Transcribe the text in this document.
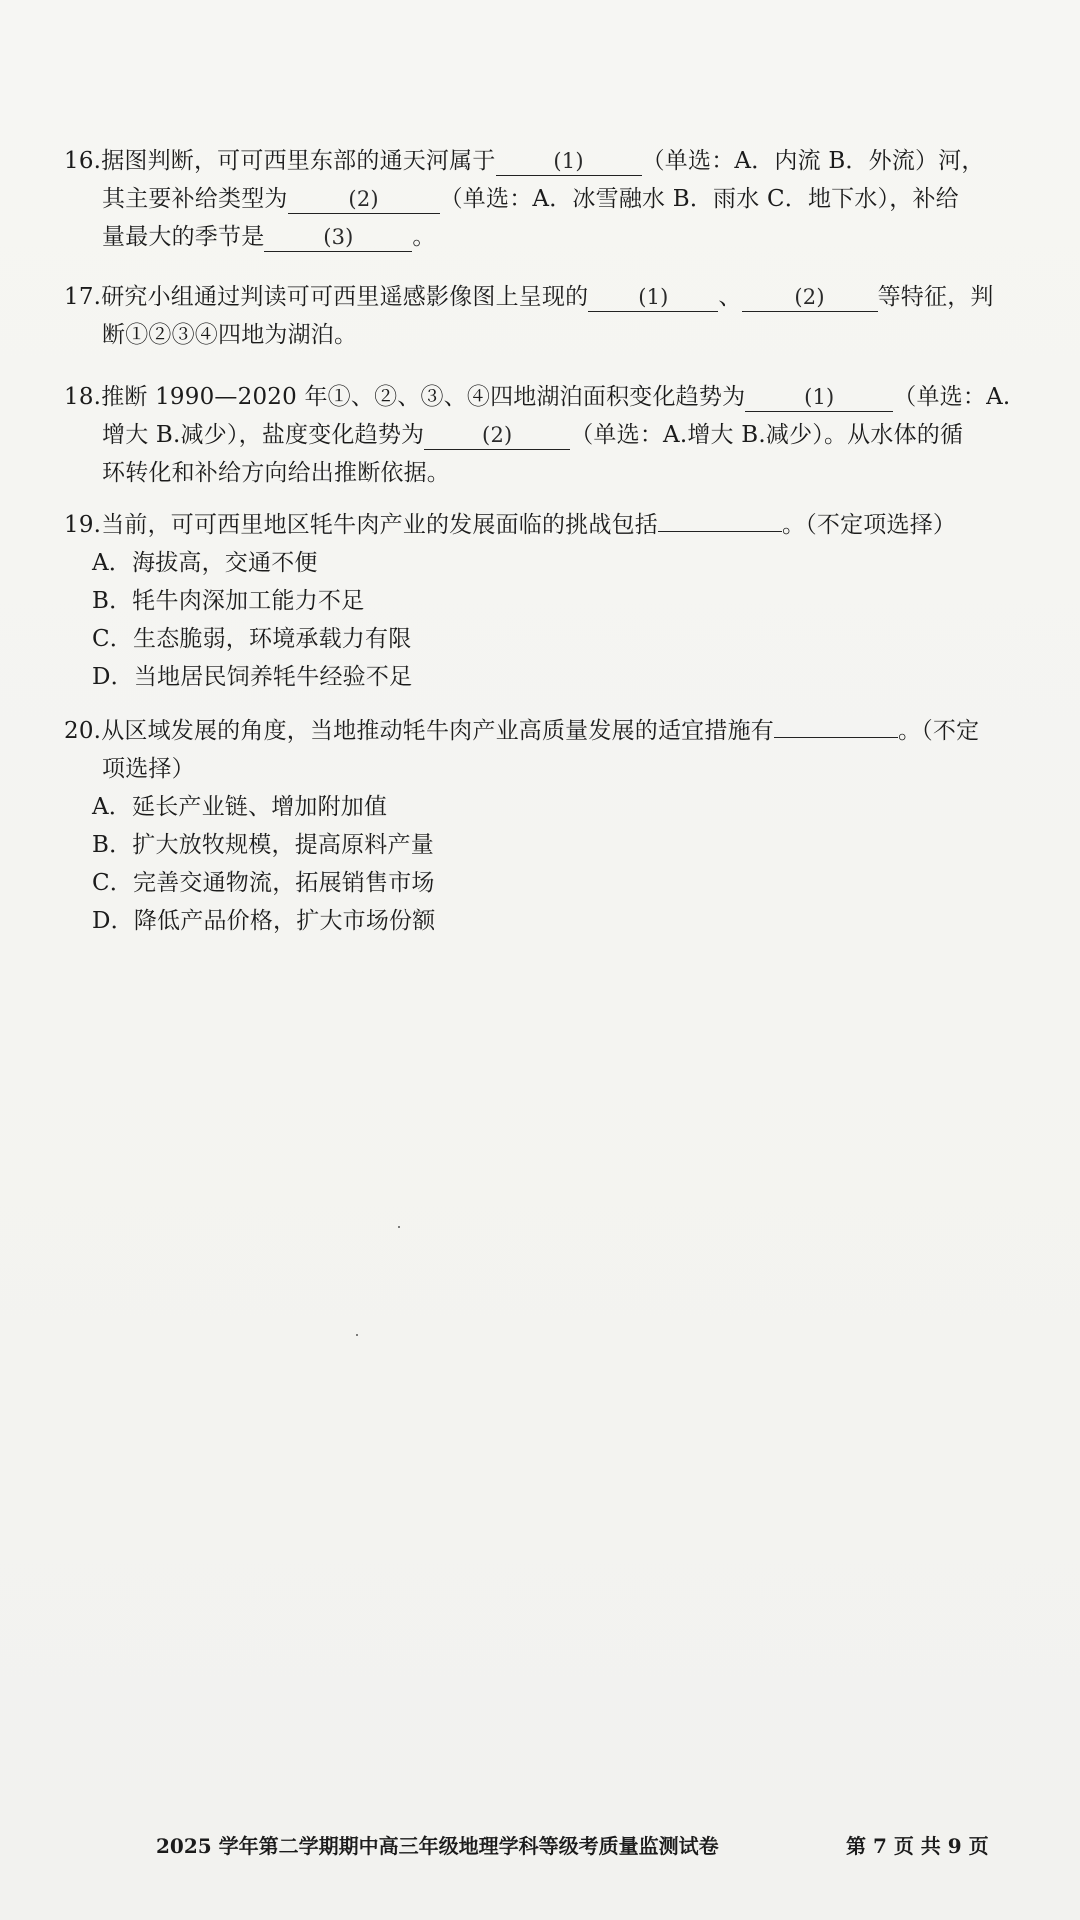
16.据图判断，可可西里东部的通天河属于	(1)	（单选：A．内流 B．外流）河，
其主要补给类型为	(2)	（单选：A．冰雪融水 B．雨水 C．地下水），补给
量最大的季节是	(3)	。
17.研究小组通过判读可可西里遥感影像图上呈现的 (1) 、	(2) 等特征，判
断①②③④四地为湖泊。
18.推断 1990—2020 年①、②、③、④四地湖泊面积变化趋势为	(1)	（单选：A.
增大 B.减少），盐度变化趋势为	(2)	（单选：A.增大 B.减少）。从水体的循
环转化和补给方向给出推断依据。
19.当前，可可西里地区牦牛肉产业的发展面临的挑战包括	。（不定项选择）
A．海拔高，交通不便
B．牦牛肉深加工能力不足
C．生态脆弱，环境承载力有限
D．当地居民饲养牦牛经验不足
20.从区域发展的角度，当地推动牦牛肉产业高质量发展的适宜措施有	。（不定
项选择）
A．延长产业链、增加附加值
B．扩大放牧规模，提高原料产量
C．完善交通物流，拓展销售市场
D．降低产品价格，扩大市场份额
2025 学年第二学期期中高三年级地理学科等级考质量监测试卷	第 7 页 共 9 页
